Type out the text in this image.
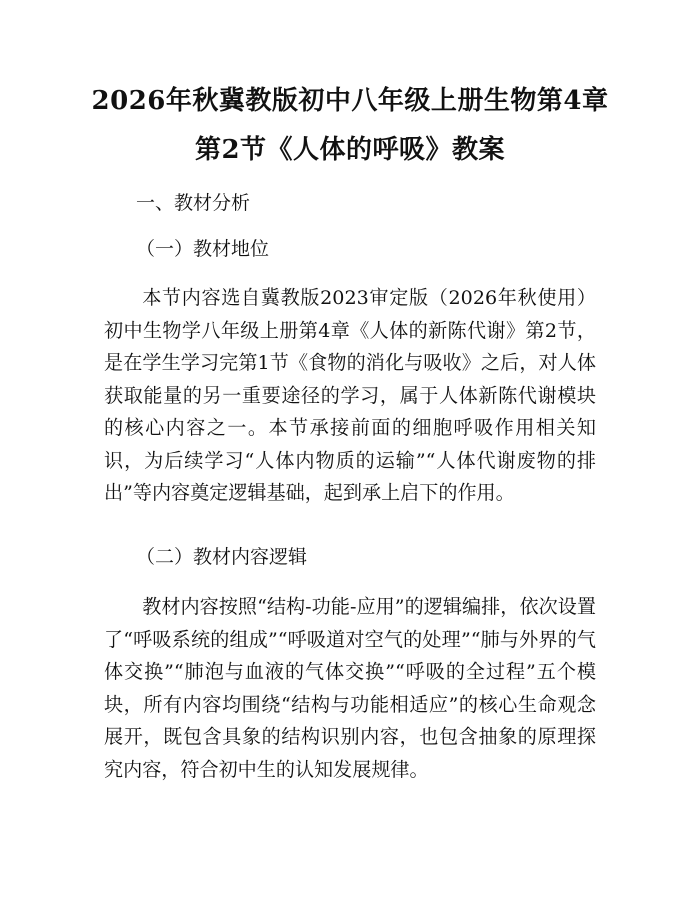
2026年秋冀教版初中八年级上册生物第4章
第2节《人体的呼吸》教案
一、教材分析
（一）教材地位

本节内容选自冀教版2023审定版（2026年秋使用）初中生物学八年级上册第4章《人体的新陈代谢》第2节，是在学生学习完第1节《食物的消化与吸收》之后，对人体获取能量的另一重要途径的学习，属于人体新陈代谢模块的核心内容之一。本节承接前面的细胞呼吸作用相关知识，为后续学习“人体内物质的运输”“人体代谢废物的排出”等内容奠定逻辑基础，起到承上启下的作用。

（二）教材内容逻辑

教材内容按照“结构-功能-应用”的逻辑编排，依次设置了“呼吸系统的组成”“呼吸道对空气的处理”“肺与外界的气体交换”“肺泡与血液的气体交换”“呼吸的全过程”五个模块，所有内容均围绕“结构与功能相适应”的核心生命观念展开，既包含具象的结构识别内容，也包含抽象的原理探究内容，符合初中生的认知发展规律。
